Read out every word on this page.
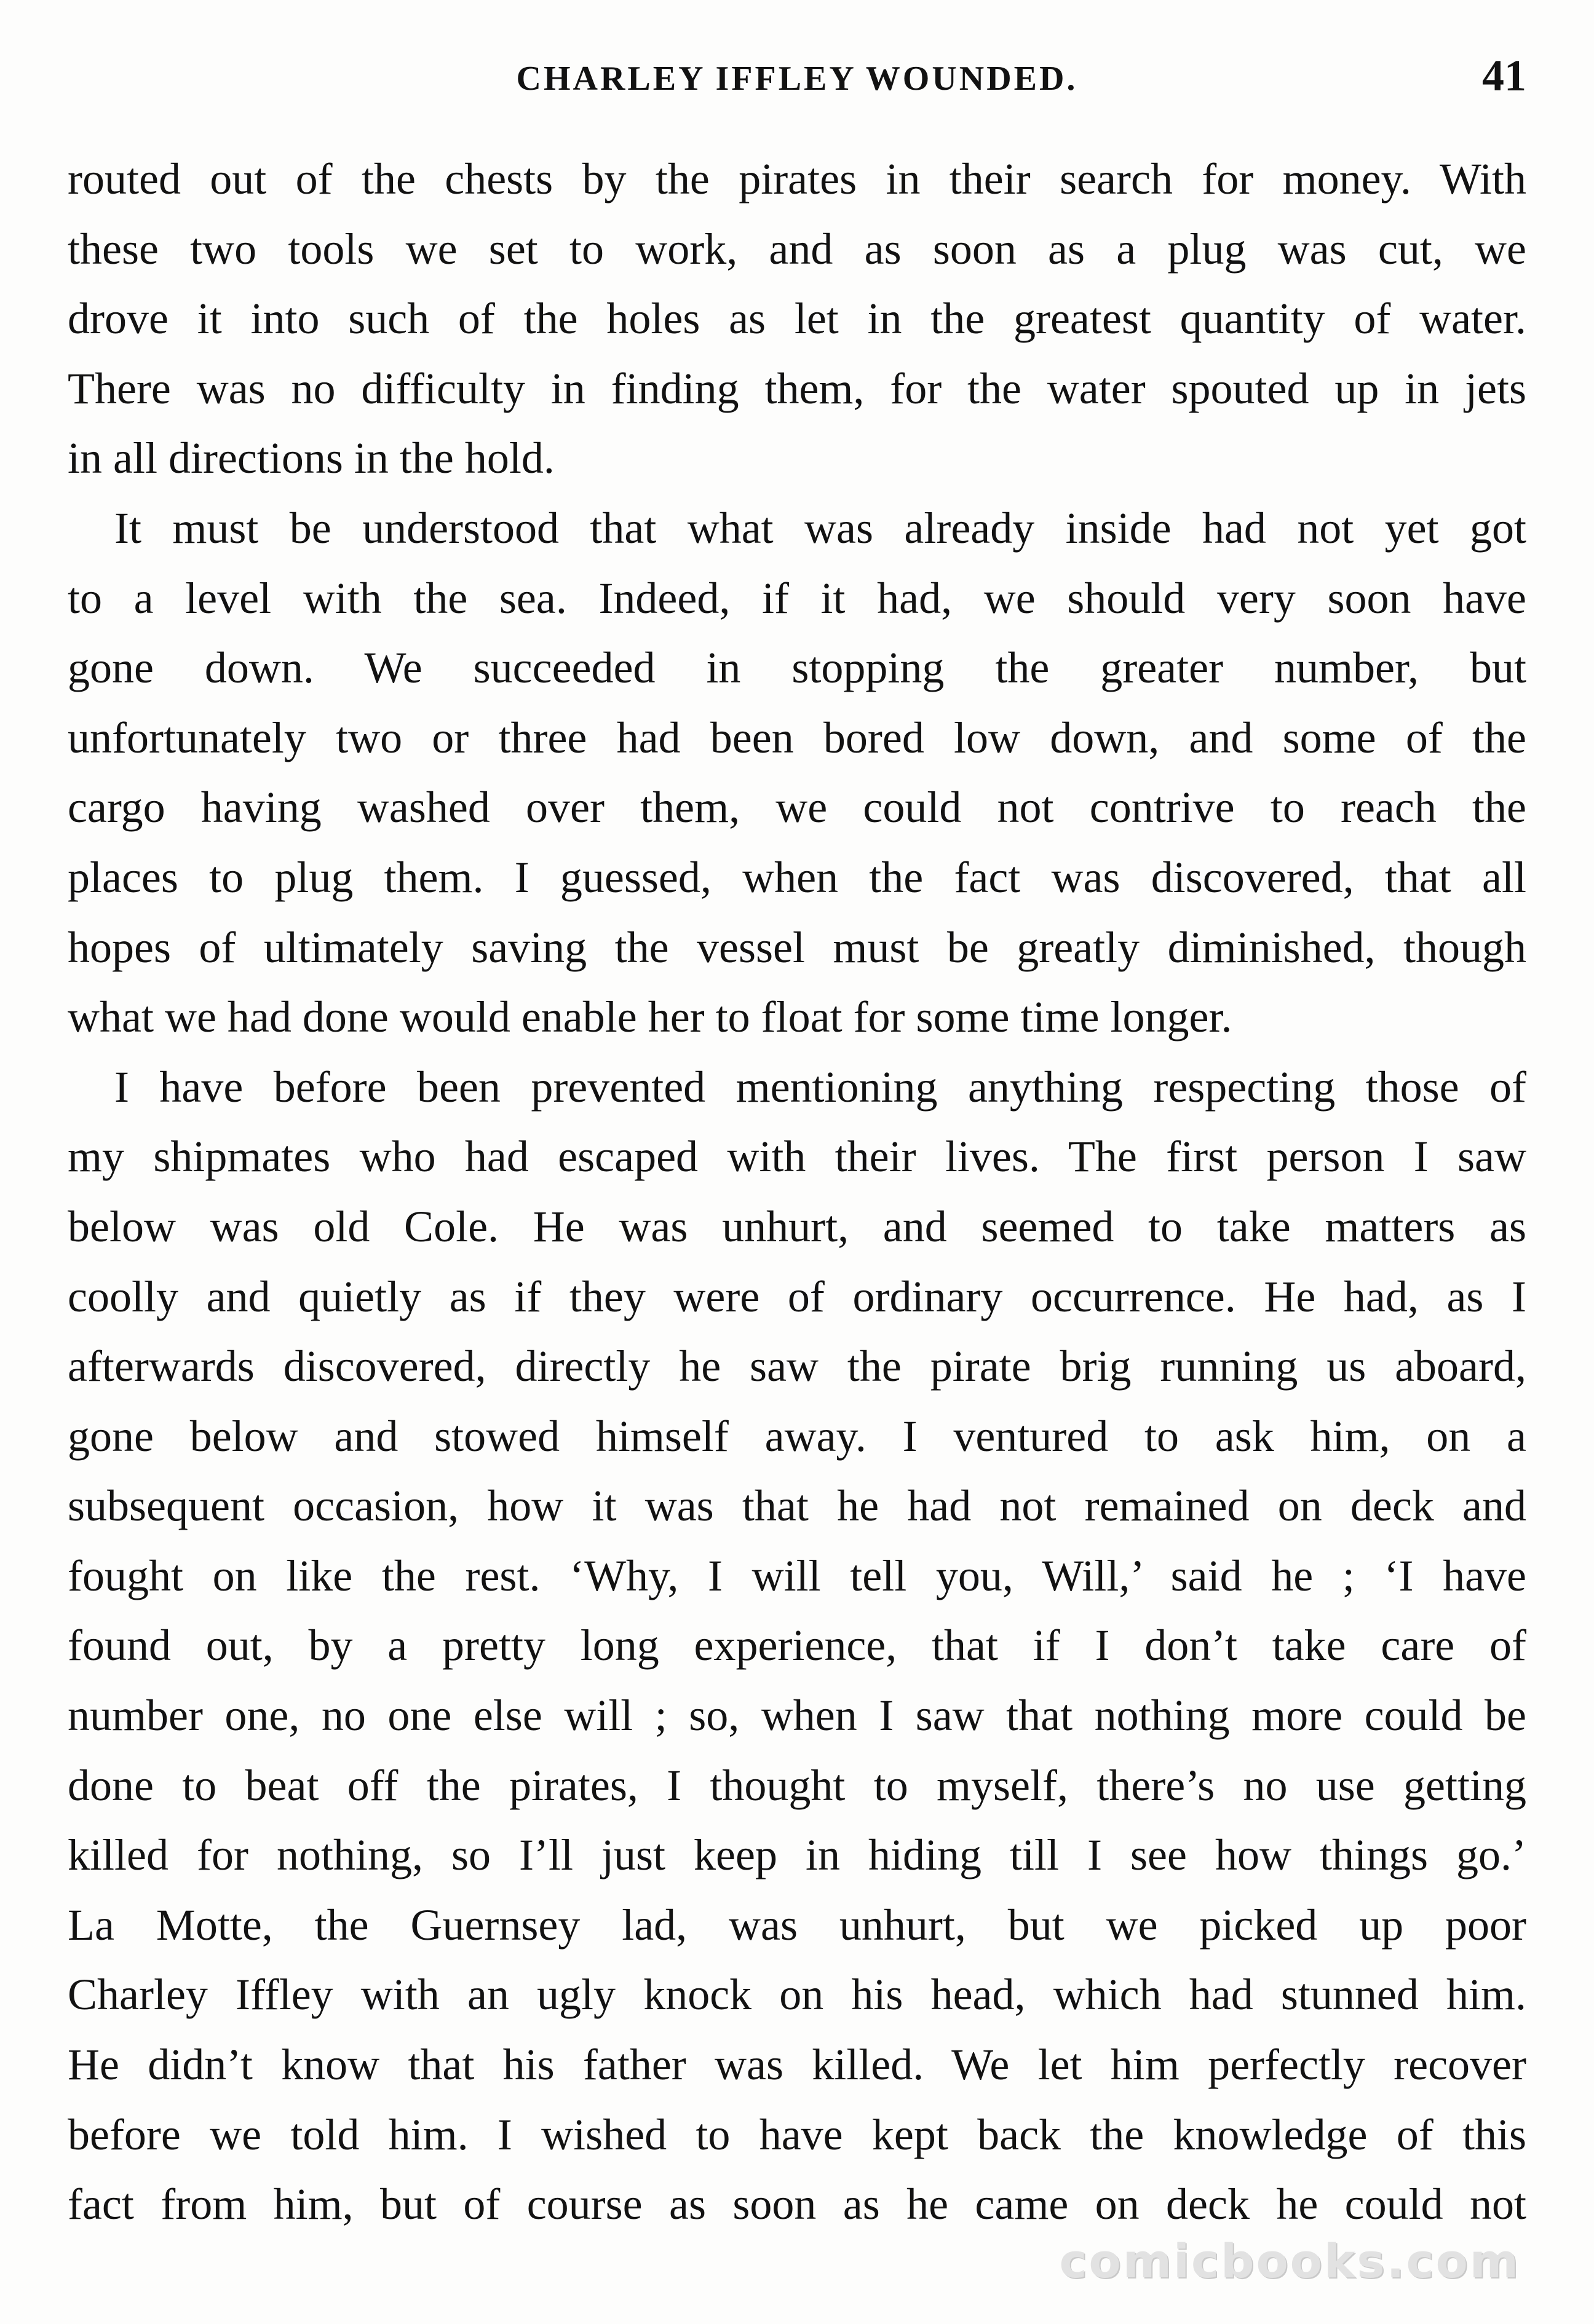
CHARLEY IFFLEY WOUNDED.	41
routed out of the chests by the pirates in their search for money. With
these two tools we set to work, and as soon as a plug was cut, we
drove it into such of the holes as let in the greatest quantity of water.
There was no difficulty in finding them, for the water spouted up in jets
in all directions in the hold.
It must be understood that what was already inside had not yet got
to a level with the sea. Indeed, if it had, we should very soon have
gone down. We succeeded in stopping the greater number, but
unfortunately two or three had been bored low down, and some of the
cargo having washed over them, we could not contrive to reach the
places to plug them. I guessed, when the fact was discovered, that all
hopes of ultimately saving the vessel must be greatly diminished, though
what we had done would enable her to float for some time longer.
I have before been prevented mentioning anything respecting those of
my shipmates who had escaped with their lives. The first person I saw
below was old Cole. He was unhurt, and seemed to take matters as
coolly and quietly as if they were of ordinary occurrence. He had, as I
afterwards discovered, directly he saw the pirate brig running us aboard,
gone below and stowed himself away. I ventured to ask him, on a
subsequent occasion, how it was that he had not remained on deck and
fought on like the rest. ‘Why, I will tell you, Will,’ said he ; ‘I have
found out, by a pretty long experience, that if I don’t take care of
number one, no one else will ; so, when I saw that nothing more could be
done to beat off the pirates, I thought to myself, there’s no use getting
killed for nothing, so I’ll just keep in hiding till I see how things go.’
La Motte, the Guernsey lad, was unhurt, but we picked up poor
Charley Iffley with an ugly knock on his head, which had stunned him.
He didn’t know that his father was killed. We let him perfectly recover
before we told him. I wished to have kept back the knowledge of this
fact from him, but of course as soon as he came on deck he could not
comicbooks.com
